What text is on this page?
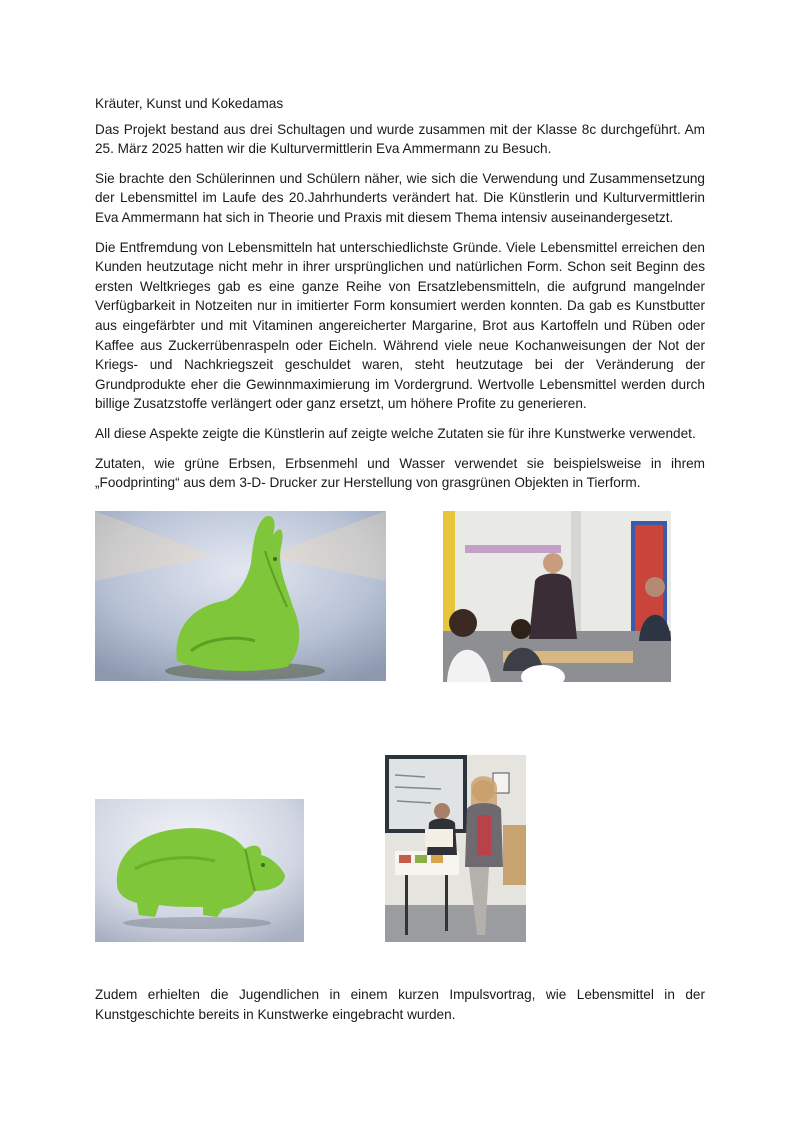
Kräuter, Kunst und Kokedamas

Das Projekt bestand aus drei Schultagen und wurde zusammen mit der Klasse 8c durchgeführt. Am 25. März 2025 hatten wir die Kulturvermittlerin Eva Ammermann zu Besuch.

Sie brachte den Schülerinnen und Schülern näher, wie sich die Verwendung und Zusammensetzung der Lebensmittel im Laufe des 20.Jahrhunderts verändert hat. Die Künstlerin und Kulturvermittlerin Eva Ammermann hat sich in Theorie und Praxis mit diesem Thema intensiv auseinandergesetzt.

Die Entfremdung von Lebensmitteln hat unterschiedlichste Gründe. Viele Lebensmittel erreichen den Kunden heutzutage nicht mehr in ihrer ursprünglichen und natürlichen Form. Schon seit Beginn des ersten Weltkrieges gab es eine ganze Reihe von Ersatzlebensmitteln, die aufgrund mangelnder Verfügbarkeit in Notzeiten nur in imitierter Form konsumiert werden konnten. Da gab es Kunstbutter aus eingefärbter und mit Vitaminen angereicherter Margarine, Brot aus Kartoffeln und Rüben oder Kaffee aus Zuckerrübenraspeln oder Eicheln. Während viele neue Kochanweisungen der Not der Kriegs- und Nachkriegszeit geschuldet waren, steht heutzutage bei der Veränderung der Grundprodukte eher die Gewinnmaximierung im Vordergrund. Wertvolle Lebensmittel werden durch billige Zusatzstoffe verlängert oder ganz ersetzt, um höhere Profite zu generieren.

All diese Aspekte zeigte die Künstlerin auf zeigte welche Zutaten sie für ihre Kunstwerke verwendet.

Zutaten, wie grüne Erbsen, Erbsenmehl und Wasser verwendet sie beispielsweise in ihrem „Foodprinting“ aus dem 3-D- Drucker zur Herstellung von grasgrünen Objekten in Tierform.

Zudem erhielten die Jugendlichen in einem kurzen Impulsvortrag, wie Lebensmittel in der Kunstgeschichte bereits in Kunstwerke eingebracht wurden.
